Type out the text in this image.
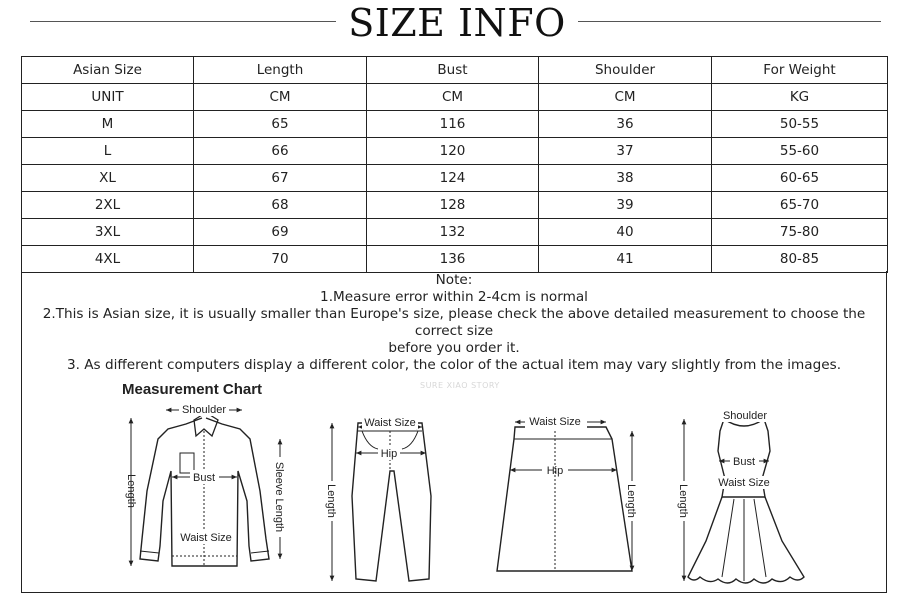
SIZE INFO
Asian Size	Length	Bust	Shoulder	For Weight
UNIT	CM	CM	CM	KG
M	65	116	36	50-55
L	66	120	37	55-60
XL	67	124	38	60-65
2XL	68	128	39	65-70
3XL	69	132	40	75-80
4XL	70	136	41	80-85
Note:
1.Measure error within 2-4cm is normal
2.This is Asian size, it is usually smaller than Europe's size, please check the above detailed measurement to choose the correct size
before you order it.
3. As different computers display a different color, the color of the actual item may vary slightly from the images.
Measurement Chart	SURE XIAO STORY
Shoulder
Bust
Length	Sleeve Length
Waist Size
Waist Size
Hip
Length
Waist Size
Hip
Length
Shoulder
Bust
Waist Size
Length
